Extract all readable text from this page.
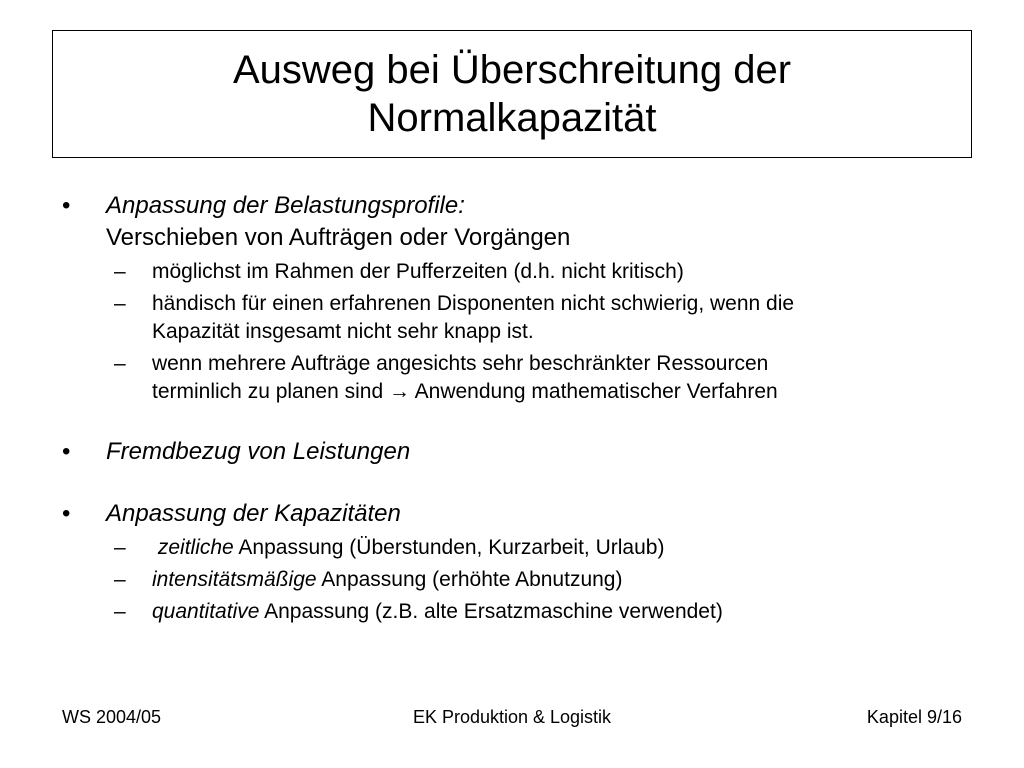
Ausweg bei Überschreitung der
Normalkapazität
• Anpassung der Belastungsprofile:
Verschieben von Aufträgen oder Vorgängen
– möglichst im Rahmen der Pufferzeiten (d.h. nicht kritisch)
– händisch für einen erfahrenen Disponenten nicht schwierig, wenn die
Kapazität insgesamt nicht sehr knapp ist.
– wenn mehrere Aufträge angesichts sehr beschränkter Ressourcen
terminlich zu planen sind → Anwendung mathematischer Verfahren
• Fremdbezug von Leistungen
• Anpassung der Kapazitäten
– zeitliche Anpassung (Überstunden, Kurzarbeit, Urlaub)
– intensitätsmäßige Anpassung (erhöhte Abnutzung)
– quantitative Anpassung (z.B. alte Ersatzmaschine verwendet)
EK Produktion & Logistik
WS 2004/05	Kapitel 9/16
